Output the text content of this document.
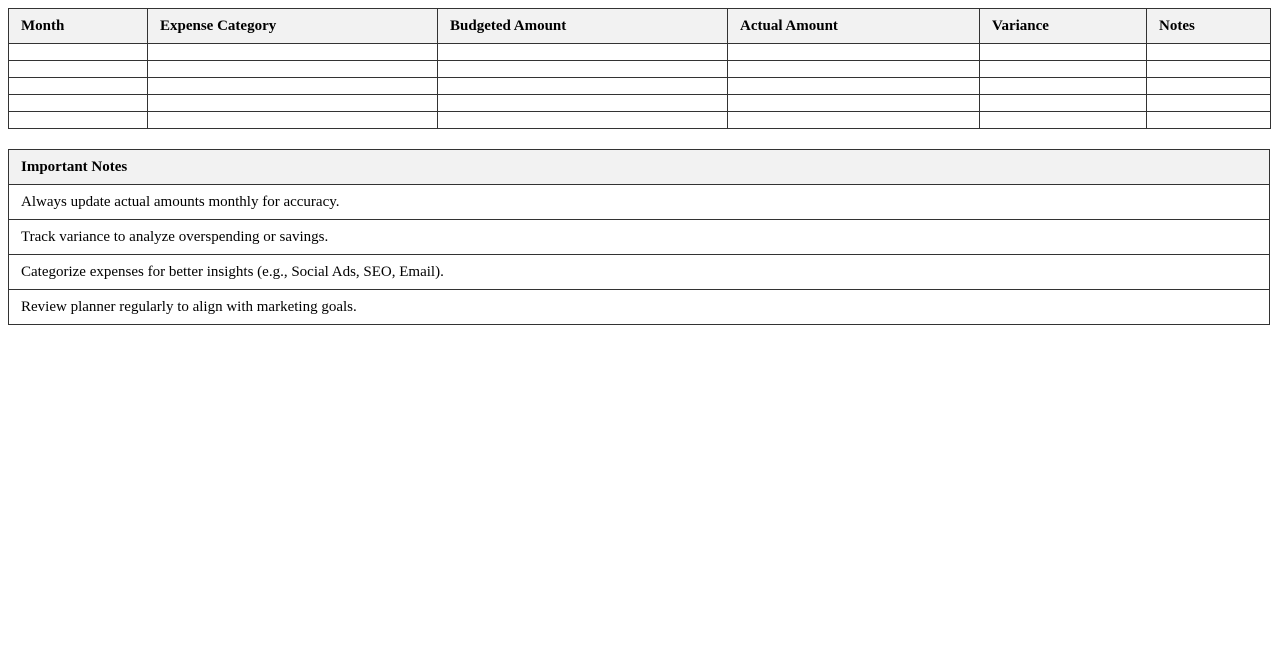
Month	Expense Category	Budgeted Amount	Actual Amount	Variance	Notes

Important Notes
Always update actual amounts monthly for accuracy.
Track variance to analyze overspending or savings.
Categorize expenses for better insights (e.g., Social Ads, SEO, Email).
Review planner regularly to align with marketing goals.
